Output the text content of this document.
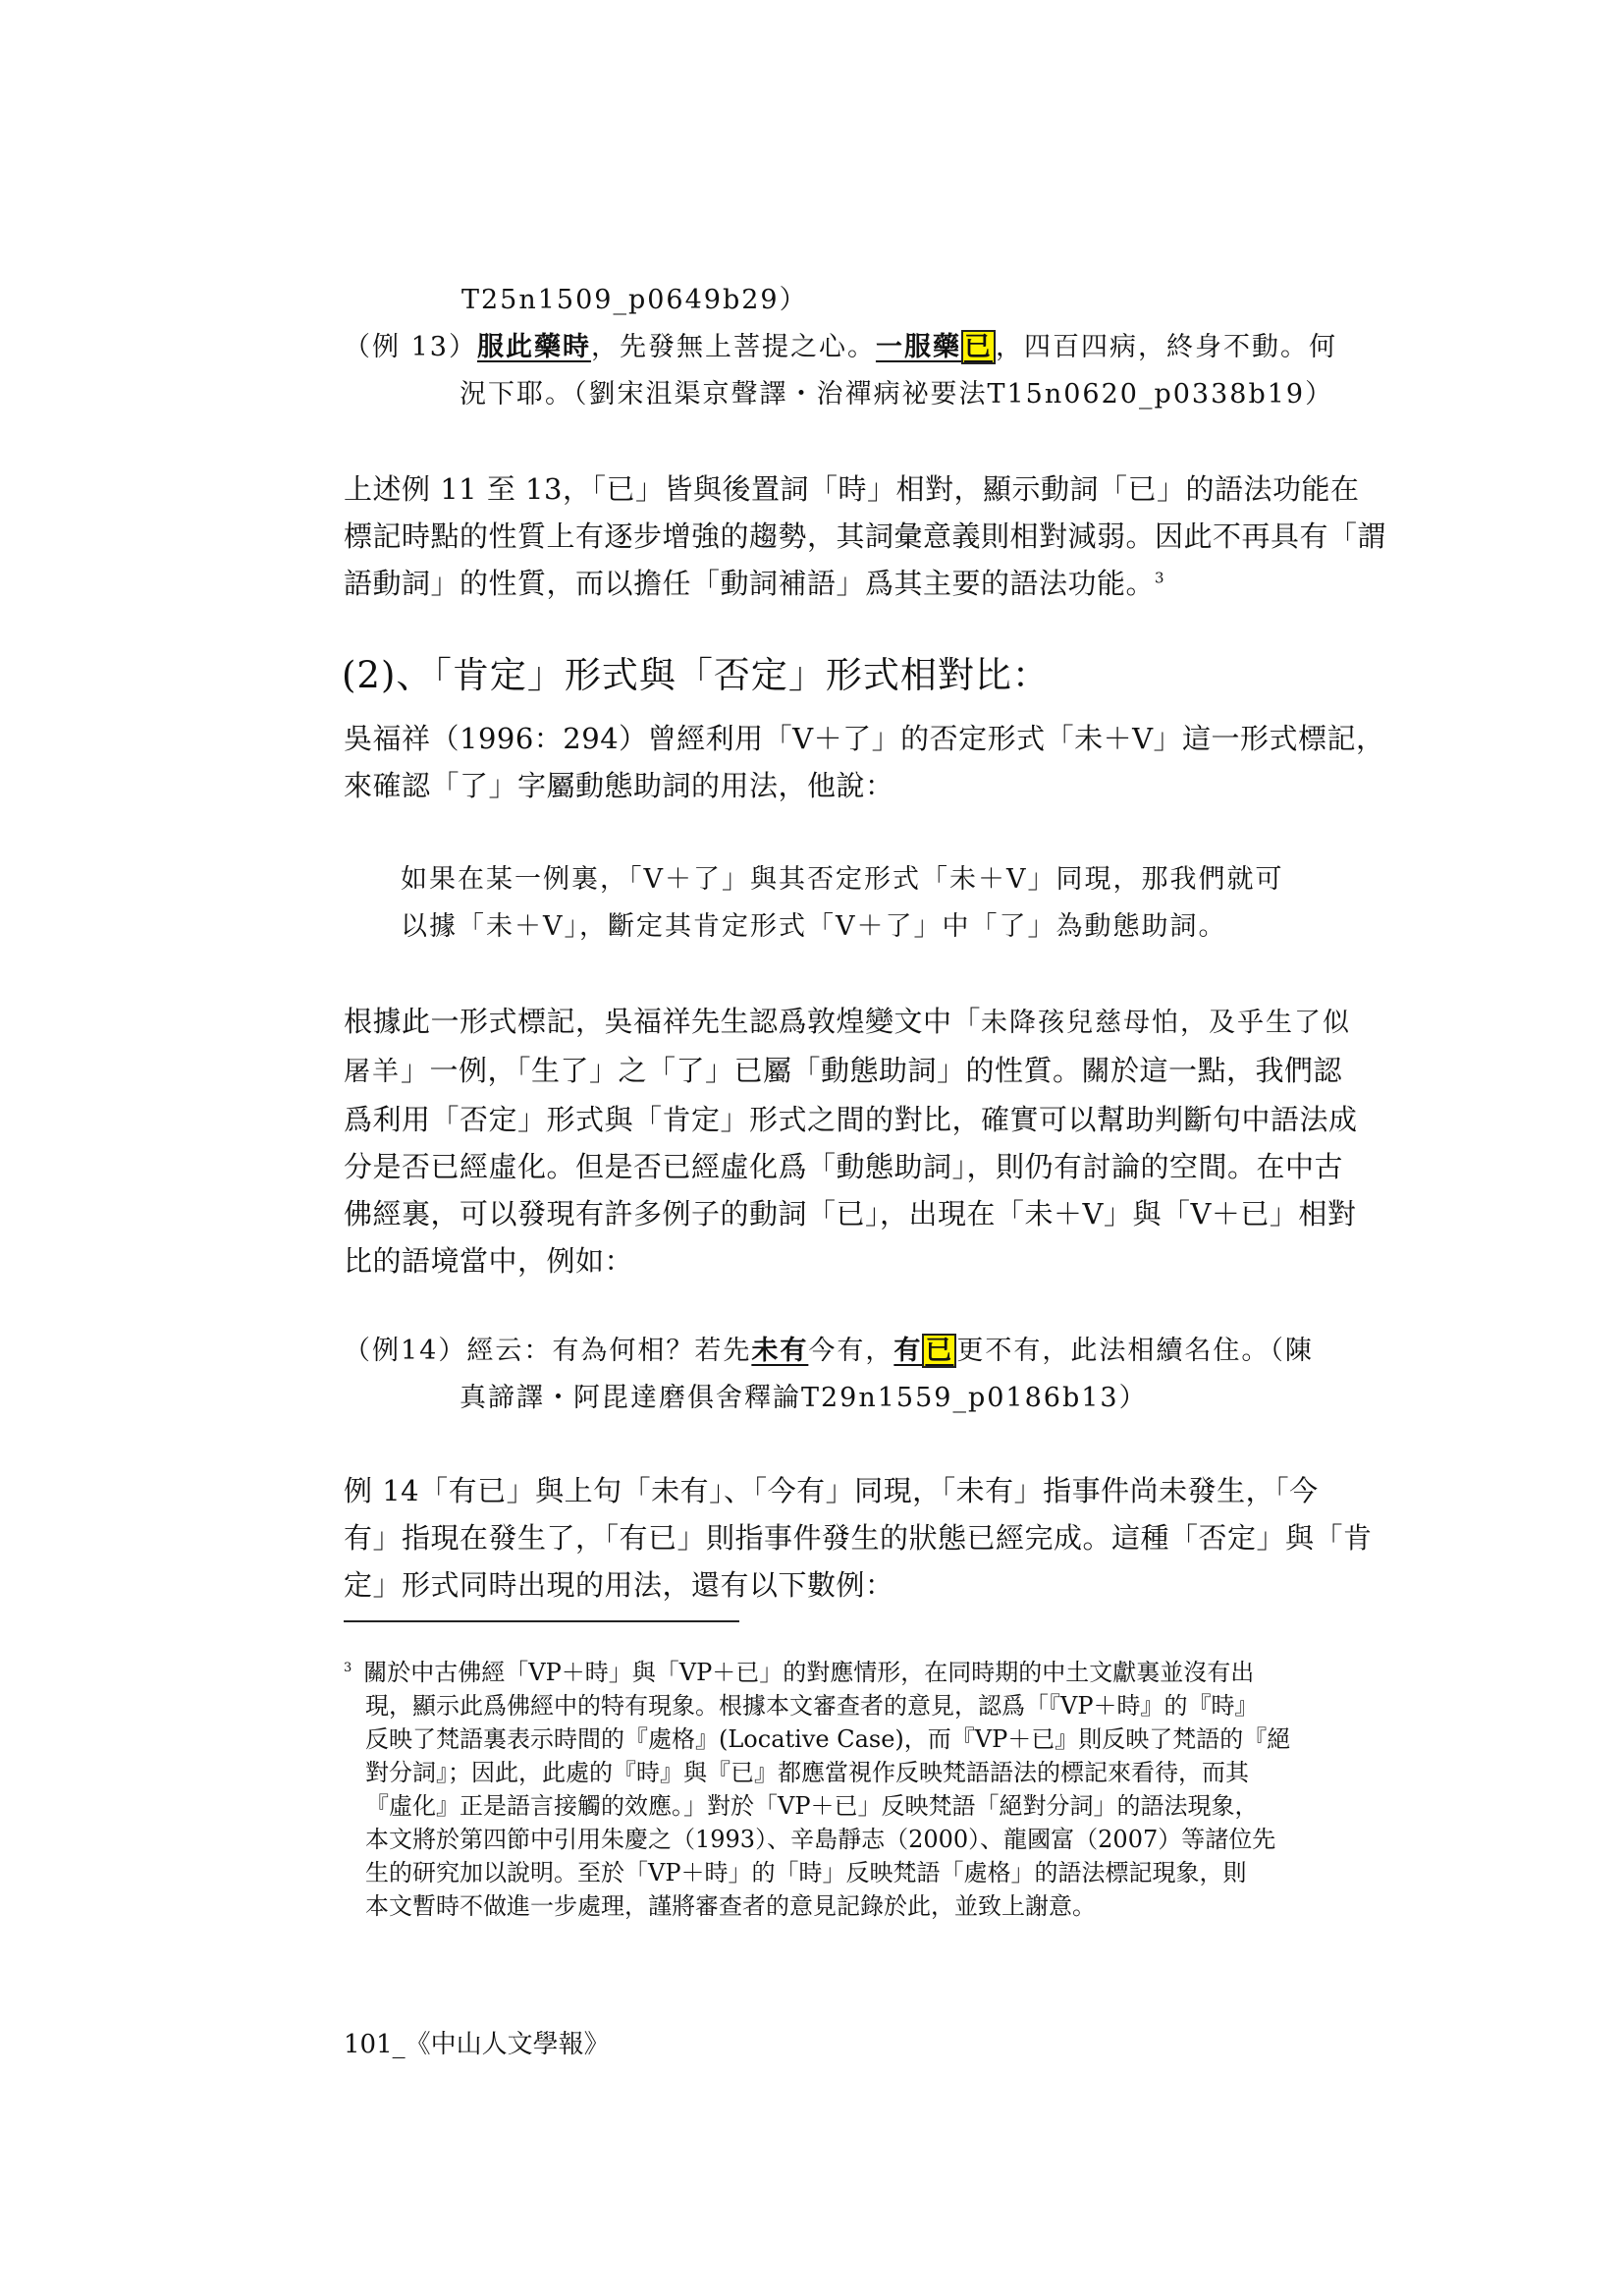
T25n1509_p0649b29）
（例 13）服此藥時，先發無上菩提之心。一服藥 已 ，四百四病，終身不動。何
況下耶。（劉宋沮渠京聲譯・治禪病祕要法T15n0620_p0338b19）
上述例 11 至 13，「已」皆與後置詞「時」相對，顯示動詞「已」的語法功能在
標記時點的性質上有逐步增強的趨勢，其詞彙意義則相對減弱。因此不再具有「謂
語動詞」的性質，而以擔任「動詞補語」爲其主要的語法功能。$^3$
(2)、「肯定」形式與「否定」形式相對比：
吳福祥（1996：294）曾經利用「V＋了」的否定形式「未＋V」這一形式標記，
來確認「了」字屬動態助詞的用法，他說：
如果在某一例裏，「V＋了」與其否定形式「未＋V」同現，那我們就可
以據「未＋V」，斷定其肯定形式「V＋了」中「了」為動態助詞。
根據此一形式標記，吳福祥先生認爲敦煌變文中「未降孩兒慈母怕，及乎生了似
屠羊」一例，「生了」之「了」已屬「動態助詞」的性質。關於這一點，我們認
爲利用「否定」形式與「肯定」形式之間的對比，確實可以幫助判斷句中語法成
分是否已經虛化。但是否已經虛化爲「動態助詞」，則仍有討論的空間。在中古
佛經裏，可以發現有許多例子的動詞「已」，出現在「未＋V」與「V＋已」相對
比的語境當中，例如：
（例14）經云：有為何相？若先未有今有，有 已 更不有，此法相續名住。（陳
真諦譯・阿毘達磨俱舍釋論T29n1559_p0186b13）
例 14「有已」與上句「未有」、「今有」同現，「未有」指事件尚未發生，「今
有」指現在發生了，「有已」則指事件發生的狀態已經完成。這種「否定」與「肯
定」形式同時出現的用法，還有以下數例：
$^3$ 關於中古佛經「VP＋時」與「VP＋已」的對應情形，在同時期的中土文獻裏並沒有出
現，顯示此爲佛經中的特有現象。根據本文審查者的意見，認爲「『VP＋時』的『時』
反映了梵語裏表示時間的『處格』(Locative Case)，而『VP＋已』則反映了梵語的『絕
對分詞』；因此，此處的『時』與『已』都應當視作反映梵語語法的標記來看待，而其
『虛化』正是語言接觸的效應。」對於「VP＋已」反映梵語「絕對分詞」的語法現象，
本文將於第四節中引用朱慶之（1993）、辛島靜志（2000）、龍國富（2007）等諸位先
生的研究加以說明。至於「VP＋時」的「時」反映梵語「處格」的語法標記現象，則
本文暫時不做進一步處理，謹將審查者的意見記錄於此，並致上謝意。
101_《中山人文學報》
